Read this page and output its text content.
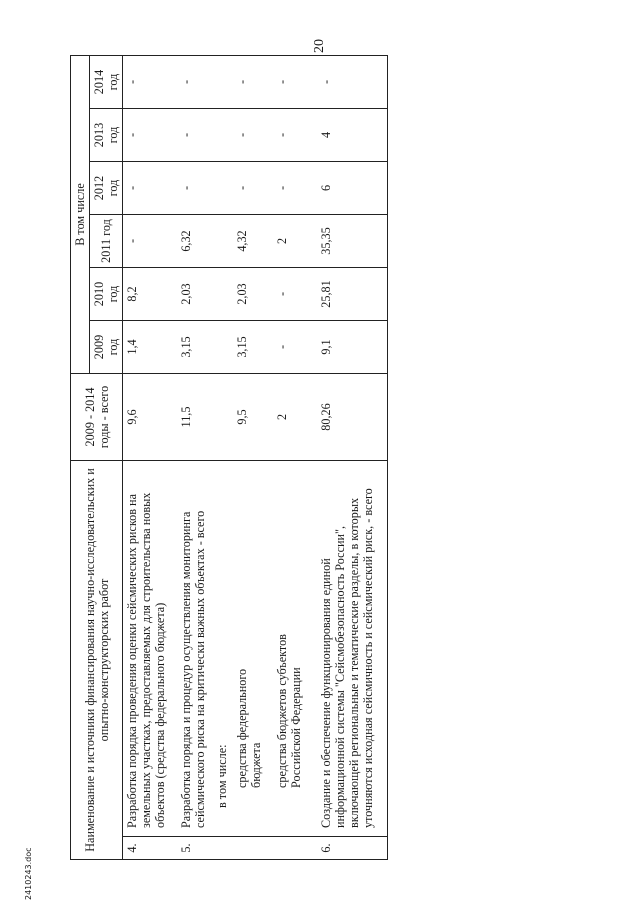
20
2410243.doc
Наименование и источники финансирования научно-исследовательских и опытно-конструкторских работ		2009 - 2014 годы - всего	В том числе					
			2009 год	2010 год	2011 год	2012 год	2013 год	2014 год
4.	Разработка порядка проведения оценки сейсмических рисков на земельных участках, предоставляемых для строительства новых объектов (средства федерального бюджета)	9,6	1,4	8,2	-	-	-	-
5.	Разработка порядка и процедур осуществления мониторинга сейсмического риска на критически важных объектах - всего	11,5	3,15	2,03	6,32	-	-	-
	в том числе:							
	средства федерального бюджета	9,5	3,15	2,03	4,32	-	-	-
	средства бюджетов субъектов Российской Федерации	2	-	-	2	-	-	-
6.	Создание и обеспечение функционирования единой информационной системы "Сейсмобезопасность России", включающей региональные и тематические разделы, в которых уточняются исходная сейсмичность и сейсмический риск, - всего	80,26	9,1	25,81	35,35	6	4	-
